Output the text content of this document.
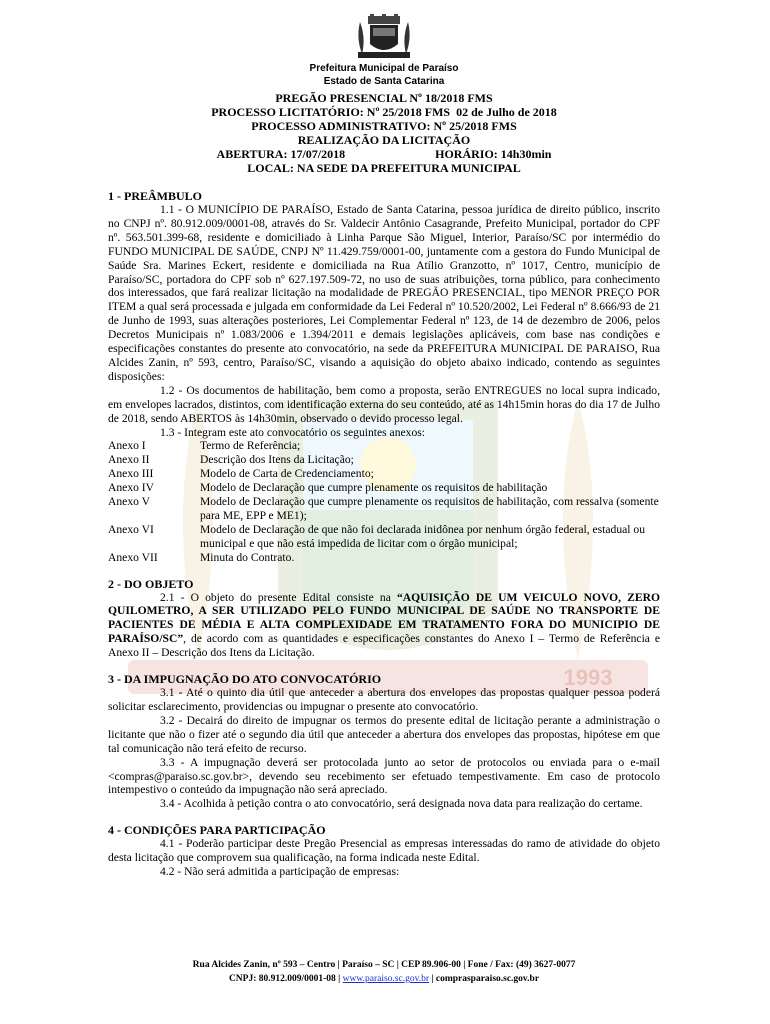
1993
Prefeitura Municipal de Paraíso
Estado de Santa Catarina
PREGÃO PRESENCIAL Nº 18/2018 FMS
PROCESSO LICITATÓRIO: Nº 25/2018 FMS 02 de Julho de 2018
PROCESSO ADMINISTRATIVO: Nº 25/2018 FMS
REALIZAÇÃO DA LICITAÇÃO
ABERTURA: 17/07/2018	HORÁRIO: 14h30min
LOCAL: NA SEDE DA PREFEITURA MUNICIPAL
1 - PREÂMBULO

1.1 - O MUNICÍPIO DE PARAÍSO, Estado de Santa Catarina, pessoa jurídica de direito público, inscrito no CNPJ nº. 80.912.009/0001-08, através do Sr. Valdecir Antônio Casagrande, Prefeito Municipal, portador do CPF nº. 563.501.399-68, residente e domiciliado à Linha Parque São Miguel, Interior, Paraíso/SC por intermédio do FUNDO MUNICIPAL DE SAÚDE, CNPJ Nº 11.429.759/0001-00, juntamente com a gestora do Fundo Municipal de Saúde Sra. Marines Eckert, residente e domiciliada na Rua Atílio Granzotto, nº 1017, Centro, município de Paraíso/SC, portadora do CPF sob nº 627.197.509-72, no uso de suas atribuições, torna público, para conhecimento dos interessados, que fará realizar licitação na modalidade de PREGÃO PRESENCIAL, tipo MENOR PREÇO POR ITEM a qual será processada e julgada em conformidade da Lei Federal nº 10.520/2002, Lei Federal nº 8.666/93 de 21 de Junho de 1993, suas alterações posteriores, Lei Complementar Federal nº 123, de 14 de dezembro de 2006, pelos Decretos Municipais nº 1.083/2006 e 1.394/2011 e demais legislações aplicáveis, com base nas condições e especificações constantes do presente ato convocatório, na sede da PREFEITURA MUNICIPAL DE PARAISO, Rua Alcides Zanin, nº 593, centro, Paraíso/SC, visando a aquisição do objeto abaixo indicado, contendo as seguintes disposições:

1.2 - Os documentos de habilitação, bem como a proposta, serão ENTREGUES no local supra indicado, em envelopes lacrados, distintos, com identificação externa do seu conteúdo, até as 14h15min horas do dia 17 de Julho de 2018, sendo ABERTOS às 14h30min, observado o devido processo legal.

1.3 - Integram este ato convocatório os seguintes anexos:

Anexo I	Termo de Referência;
Anexo II	Descrição dos Itens da Licitação;
Anexo III	Modelo de Carta de Credenciamento;
Anexo IV	Modelo de Declaração que cumpre plenamente os requisitos de habilitação
Anexo V	Modelo de Declaração que cumpre plenamente os requisitos de habilitação, com ressalva (somente para ME, EPP e ME1);
Anexo VI	Modelo de Declaração de que não foi declarada inidônea por nenhum órgão federal, estadual ou municipal e que não está impedida de licitar com o órgão municipal;
Anexo VII	Minuta do Contrato.
2 - DO OBJETO

2.1 - O objeto do presente Edital consiste na “AQUISIÇÃO DE UM VEICULO NOVO, ZERO QUILOMETRO, A SER UTILIZADO PELO FUNDO MUNICIPAL DE SAÚDE NO TRANSPORTE DE PACIENTES DE MÉDIA E ALTA COMPLEXIDADE EM TRATAMENTO FORA DO MUNICIPIO DE PARAÍSO/SC”, de acordo com as quantidades e especificações constantes do Anexo I – Termo de Referência e Anexo II – Descrição dos Itens da Licitação.

3 - DA IMPUGNAÇÃO DO ATO CONVOCATÓRIO

3.1 - Até o quinto dia útil que anteceder a abertura dos envelopes das propostas qualquer pessoa poderá solicitar esclarecimento, providencias ou impugnar o presente ato convocatório.

3.2 - Decairá do direito de impugnar os termos do presente edital de licitação perante a administração o licitante que não o fizer até o segundo dia útil que anteceder a abertura dos envelopes das propostas, hipótese em que tal comunicação não terá efeito de recurso.

3.3 - A impugnação deverá ser protocolada junto ao setor de protocolos ou enviada para o e-mail <compras@paraiso.sc.gov.br>, devendo seu recebimento ser efetuado tempestivamente. Em caso de protocolo intempestivo o conteúdo da impugnação não será apreciado.

3.4 - Acolhida à petição contra o ato convocatório, será designada nova data para realização do certame.

4 - CONDIÇÕES PARA PARTICIPAÇÃO

4.1 - Poderão participar deste Pregão Presencial as empresas interessadas do ramo de atividade do objeto desta licitação que comprovem sua qualificação, na forma indicada neste Edital.

4.2 - Não será admitida a participação de empresas:

Rua Alcides Zanin, nº 593 – Centro | Paraíso – SC | CEP 89.906-00 | Fone / Fax: (49) 3627-0077
CNPJ: 80.912.009/0001-08 | www.paraiso.sc.gov.br | comprasparaiso.sc.gov.br
